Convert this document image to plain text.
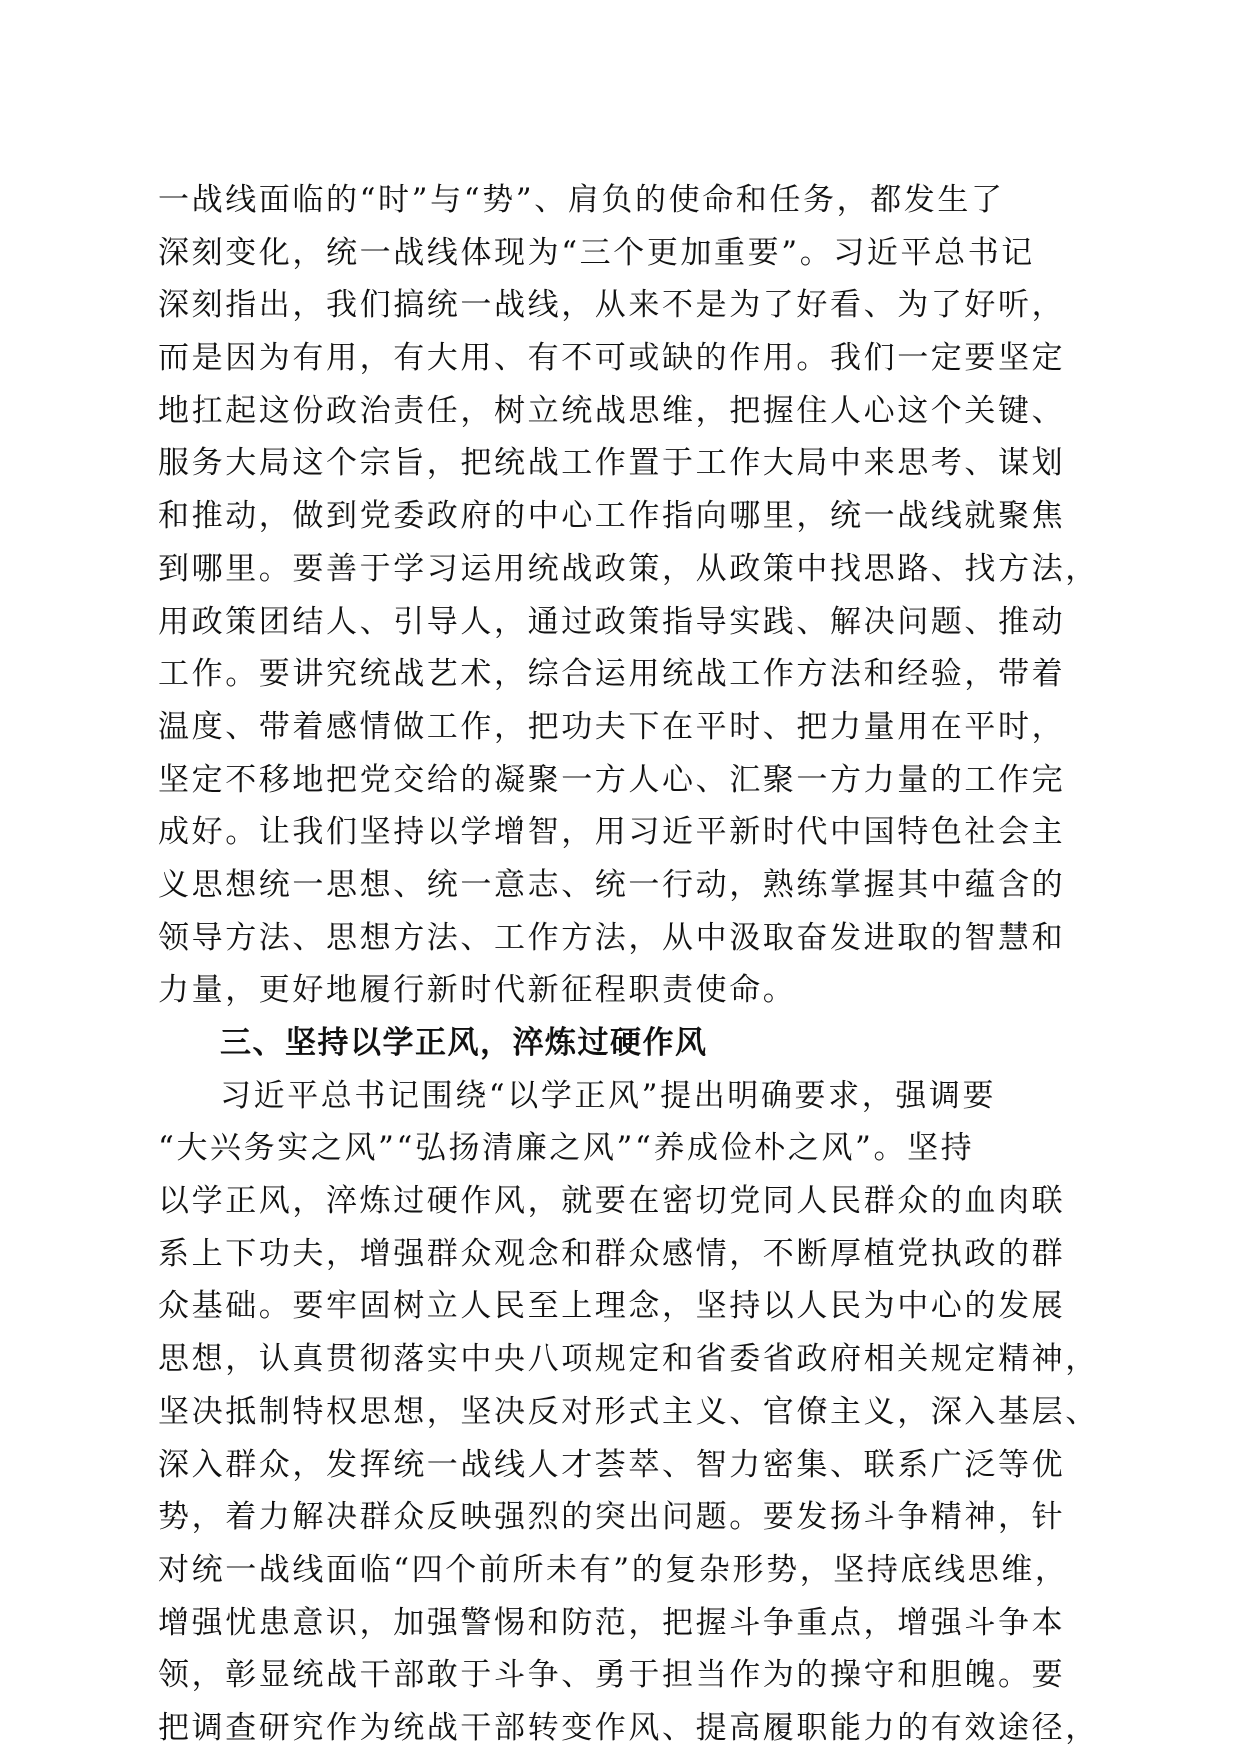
一战线面临的“时”与“势”、肩负的使命和任务，都发生了
深刻变化，统一战线体现为“三个更加重要”。习近平总书记
深刻指出，我们搞统一战线，从来不是为了好看、为了好听，
而是因为有用，有大用、有不可或缺的作用。我们一定要坚定
地扛起这份政治责任，树立统战思维，把握住人心这个关键、
服务大局这个宗旨，把统战工作置于工作大局中来思考、谋划
和推动，做到党委政府的中心工作指向哪里，统一战线就聚焦
到哪里。要善于学习运用统战政策，从政策中找思路、找方法，
用政策团结人、引导人，通过政策指导实践、解决问题、推动
工作。要讲究统战艺术，综合运用统战工作方法和经验，带着
温度、带着感情做工作，把功夫下在平时、把力量用在平时，
坚定不移地把党交给的凝聚一方人心、汇聚一方力量的工作完
成好。让我们坚持以学增智，用习近平新时代中国特色社会主
义思想统一思想、统一意志、统一行动，熟练掌握其中蕴含的
领导方法、思想方法、工作方法，从中汲取奋发进取的智慧和
力量，更好地履行新时代新征程职责使命。
三、坚持以学正风，淬炼过硬作风
习近平总书记围绕“以学正风”提出明确要求，强调要
“大兴务实之风”“弘扬清廉之风”“养成俭朴之风”。坚持
以学正风，淬炼过硬作风，就要在密切党同人民群众的血肉联
系上下功夫，增强群众观念和群众感情，不断厚植党执政的群
众基础。要牢固树立人民至上理念，坚持以人民为中心的发展
思想，认真贯彻落实中央八项规定和省委省政府相关规定精神，
坚决抵制特权思想，坚决反对形式主义、官僚主义，深入基层、
深入群众，发挥统一战线人才荟萃、智力密集、联系广泛等优
势，着力解决群众反映强烈的突出问题。要发扬斗争精神，针
对统一战线面临“四个前所未有”的复杂形势，坚持底线思维，
增强忧患意识，加强警惕和防范，把握斗争重点，增强斗争本
领，彰显统战干部敢于斗争、勇于担当作为的操守和胆魄。要
把调查研究作为统战干部转变作风、提高履职能力的有效途径，
